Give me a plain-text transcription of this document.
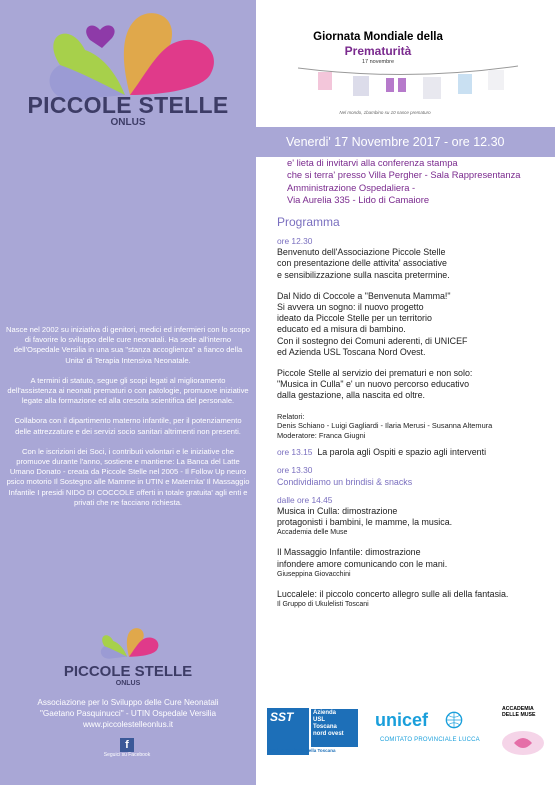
PICCOLE STELLE
ONLUS

Nasce nel 2002 su iniziativa di genitori, medici ed infermieri con lo scopo di favorire lo sviluppo delle cure neonatali. Ha sede all'interno dell'Ospedale Versilia in una sua "stanza accoglienza" a fianco della Unita' di Terapia Intensiva Neonatale.

A termini di statuto, segue gli scopi legati al miglioramento dell'assistenza ai neonati prematuri o con patologie, promuove iniziative legate alla formazione ed alla crescita scientifica del personale.

Collabora con il dipartimento materno infantile, per il potenziamento delle attrezzature e dei servizi socio sanitari altrimenti non presenti.

Con le iscrizioni dei Soci, i contributi volontari e le iniziative che promuove durante l'anno, sostiene e mantiene: La Banca del Latte Umano Donato - creata da Piccole Stelle nel 2005 - Il Follow Up neuro psico motorio Il Sostegno alle Mamme in UTIN e Maternita' Il Massaggio Infantile I presidi NIDO DI COCCOLE offerti in totale gratuita' agli enti e privati che ne facciano richiesta.

PICCOLE STELLE
ONLUS
Associazione per lo Sviluppo delle Cure Neonatali
"Gaetano Pasquinucci" - UTIN Ospedale Versilia
www.piccolestelleonlus.it
f
Seguici su Facebook
Giornata Mondiale della
Prematurità
17 novembre
Nel mondo, 1bambino su 10 nasce prematuro
Venerdi' 17 Novembre 2017 - ore 12.30
e' lieta di invitarvi alla conferenza stampa
che si terra' presso Villa Pergher - Sala Rappresentanza
Amministrazione Ospedaliera -
Via Aurelia 335 - Lido di Camaiore
Programma
ore 12.30
Benvenuto dell'Associazione Piccole Stelle
con presentazione delle attivita' associative
e sensibilizzazione sulla nascita pretermine.
Dal Nido di Coccole a "Benvenuta Mamma!"
Si avvera un sogno: il nuovo progetto
ideato da Piccole Stelle per un territorio
educato ed a misura di bambino.
Con il sostegno dei Comuni aderenti, di UNICEF
ed Azienda USL Toscana Nord Ovest.
Piccole Stelle al servizio dei prematuri e non solo:
"Musica in Culla" e' un nuovo percorso educativo
dalla gestazione, alla nascita ed oltre.
Relatori:
Denis Schiano - Luigi Gagliardi - Ilaria Merusi - Susanna Altemura
Moderatore: Franca Giugni
ore 13.15 La parola agli Ospiti e spazio agli interventi
ore 13.30
Condividiamo un brindisi & snacks
dalle ore 14.45
Musica in Culla: dimostrazione
protagonisti i bambini, le mamme, la musica.
Accademia delle Muse
Il Massaggio Infantile: dimostrazione
infondere amore comunicando con le mani.
Giuseppina Giovacchini
Luccalele: il piccolo concerto allegro sulle ali della fantasia.
Il Gruppo di Ukulelisti Toscani
SST	Azienda
USL
Toscana
nord ovest
Servizio Sanitario della Toscana
unicef
COMITATO PROVINCIALE LUCCA
ACCADEMIA
DELLE MUSE
